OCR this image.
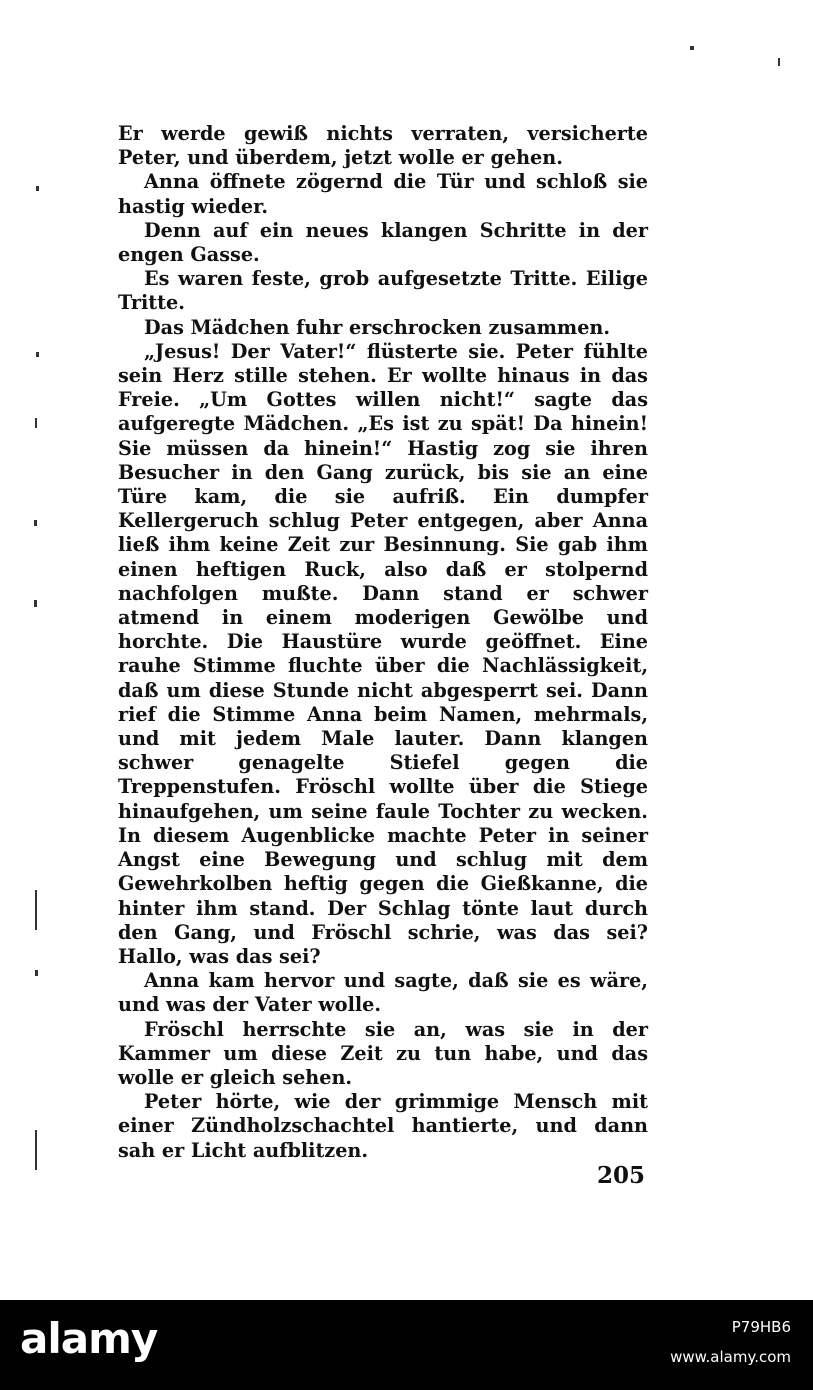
Er werde gewiß nichts verraten, versicherte Peter, und überdem, jetzt wolle er gehen.

Anna öffnete zögernd die Tür und schloß sie hastig wieder.

Denn auf ein neues klangen Schritte in der engen Gasse.

Es waren feste, grob aufgesetzte Tritte. Eilige Tritte.

Das Mädchen fuhr erschrocken zusammen.

„Jesus! Der Vater!“ flüsterte sie. Peter fühlte sein Herz stille stehen. Er wollte hinaus in das Freie. „Um Gottes willen nicht!“ sagte das aufgeregte Mädchen. „Es ist zu spät! Da hinein! Sie müssen da hinein!“ Hastig zog sie ihren Besucher in den Gang zurück, bis sie an eine Türe kam, die sie aufriß. Ein dumpfer Kellergeruch schlug Peter entgegen, aber Anna ließ ihm keine Zeit zur Besinnung. Sie gab ihm einen heftigen Ruck, also daß er stolpernd nachfolgen mußte. Dann stand er schwer atmend in einem moderigen Gewölbe und horchte. Die Haustüre wurde geöffnet. Eine rauhe Stimme fluchte über die Nachlässigkeit, daß um diese Stunde nicht abgesperrt sei. Dann rief die Stimme Anna beim Namen, mehrmals, und mit jedem Male lauter. Dann klangen schwer genagelte Stiefel gegen die Treppenstufen. Fröschl wollte über die Stiege hinaufgehen, um seine faule Tochter zu wecken. In diesem Augenblicke machte Peter in seiner Angst eine Bewegung und schlug mit dem Gewehrkolben heftig gegen die Gießkanne, die hinter ihm stand. Der Schlag tönte laut durch den Gang, und Fröschl schrie, was das sei? Hallo, was das sei?

Anna kam hervor und sagte, daß sie es wäre, und was der Vater wolle.

Fröschl herrschte sie an, was sie in der Kammer um diese Zeit zu tun habe, und das wolle er gleich sehen.

Peter hörte, wie der grimmige Mensch mit einer Zündholzschachtel hantierte, und dann sah er Licht aufblitzen.

205
alamy	P79HB6
www.alamy.com
